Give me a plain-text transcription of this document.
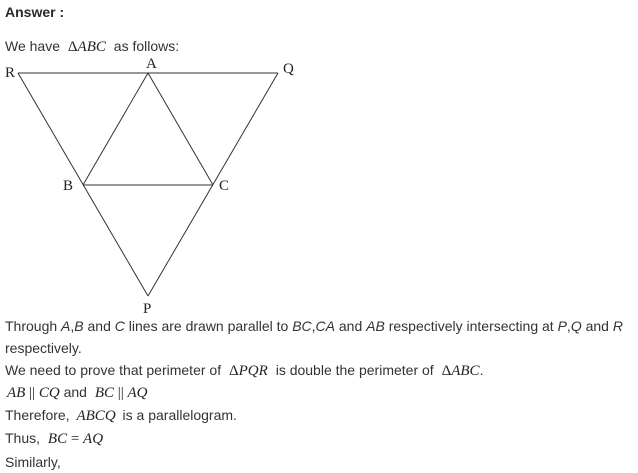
Answer :
We have ΔABC as follows:
R
A	Q
B	C
P
Through A,B and C lines are drawn parallel to BC,CA and AB respectively intersecting at P,Q and R
respectively.
We need to prove that perimeter of ΔPQR is double the perimeter of ΔABC.
AB || CQ and BC || AQ
Therefore, ABCQ is a parallelogram.
Thus, BC = AQ
Similarly,
